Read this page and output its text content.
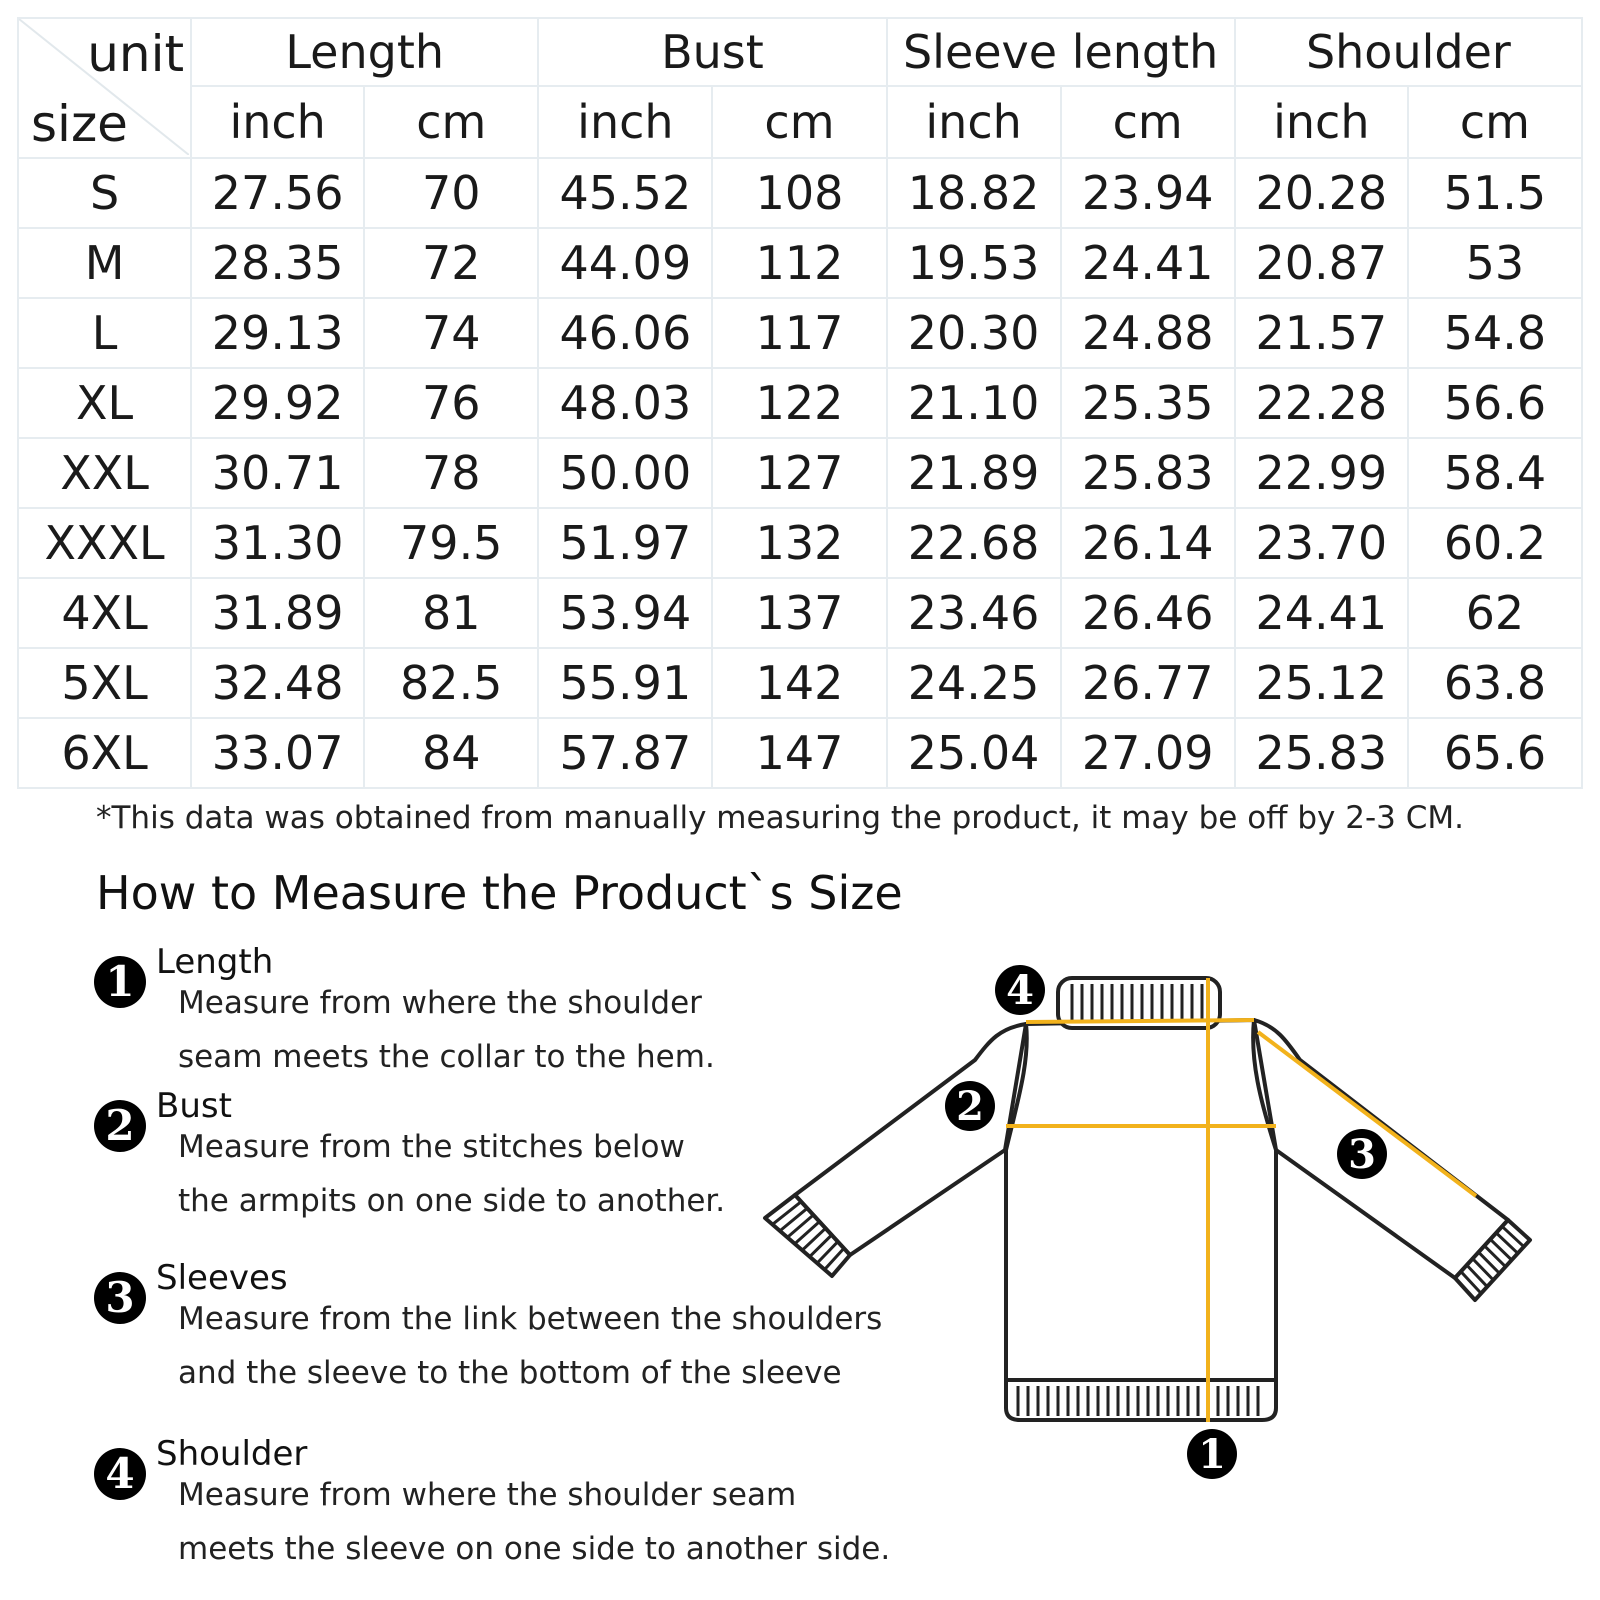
unit
size	Length		Bust		Sleeve length		Shoulder	
	inch	cm	inch	cm	inch	cm	inch	cm
S	27.56	70	45.52	108	18.82	23.94	20.28	51.5
M	28.35	72	44.09	112	19.53	24.41	20.87	53
L	29.13	74	46.06	117	20.30	24.88	21.57	54.8
XL	29.92	76	48.03	122	21.10	25.35	22.28	56.6
XXL	30.71	78	50.00	127	21.89	25.83	22.99	58.4
XXXL	31.30	79.5	51.97	132	22.68	26.14	23.70	60.2
4XL	31.89	81	53.94	137	23.46	26.46	24.41	62
5XL	32.48	82.5	55.91	142	24.25	26.77	25.12	63.8
6XL	33.07	84	57.87	147	25.04	27.09	25.83	65.6
*This data was obtained from manually measuring the product, it may be off by 2-3 CM.
How to Measure the Product`s Size
1 Length
Measure from where the shoulder
seam meets the collar to the hem.
2 Bust
Measure from the stitches below
the armpits on one side to another.
3 Sleeves
Measure from the link between the shoulders
and the sleeve to the bottom of the sleeve
4 Shoulder
Measure from where the shoulder seam
meets the sleeve on one side to another side.
4
2
3
1
